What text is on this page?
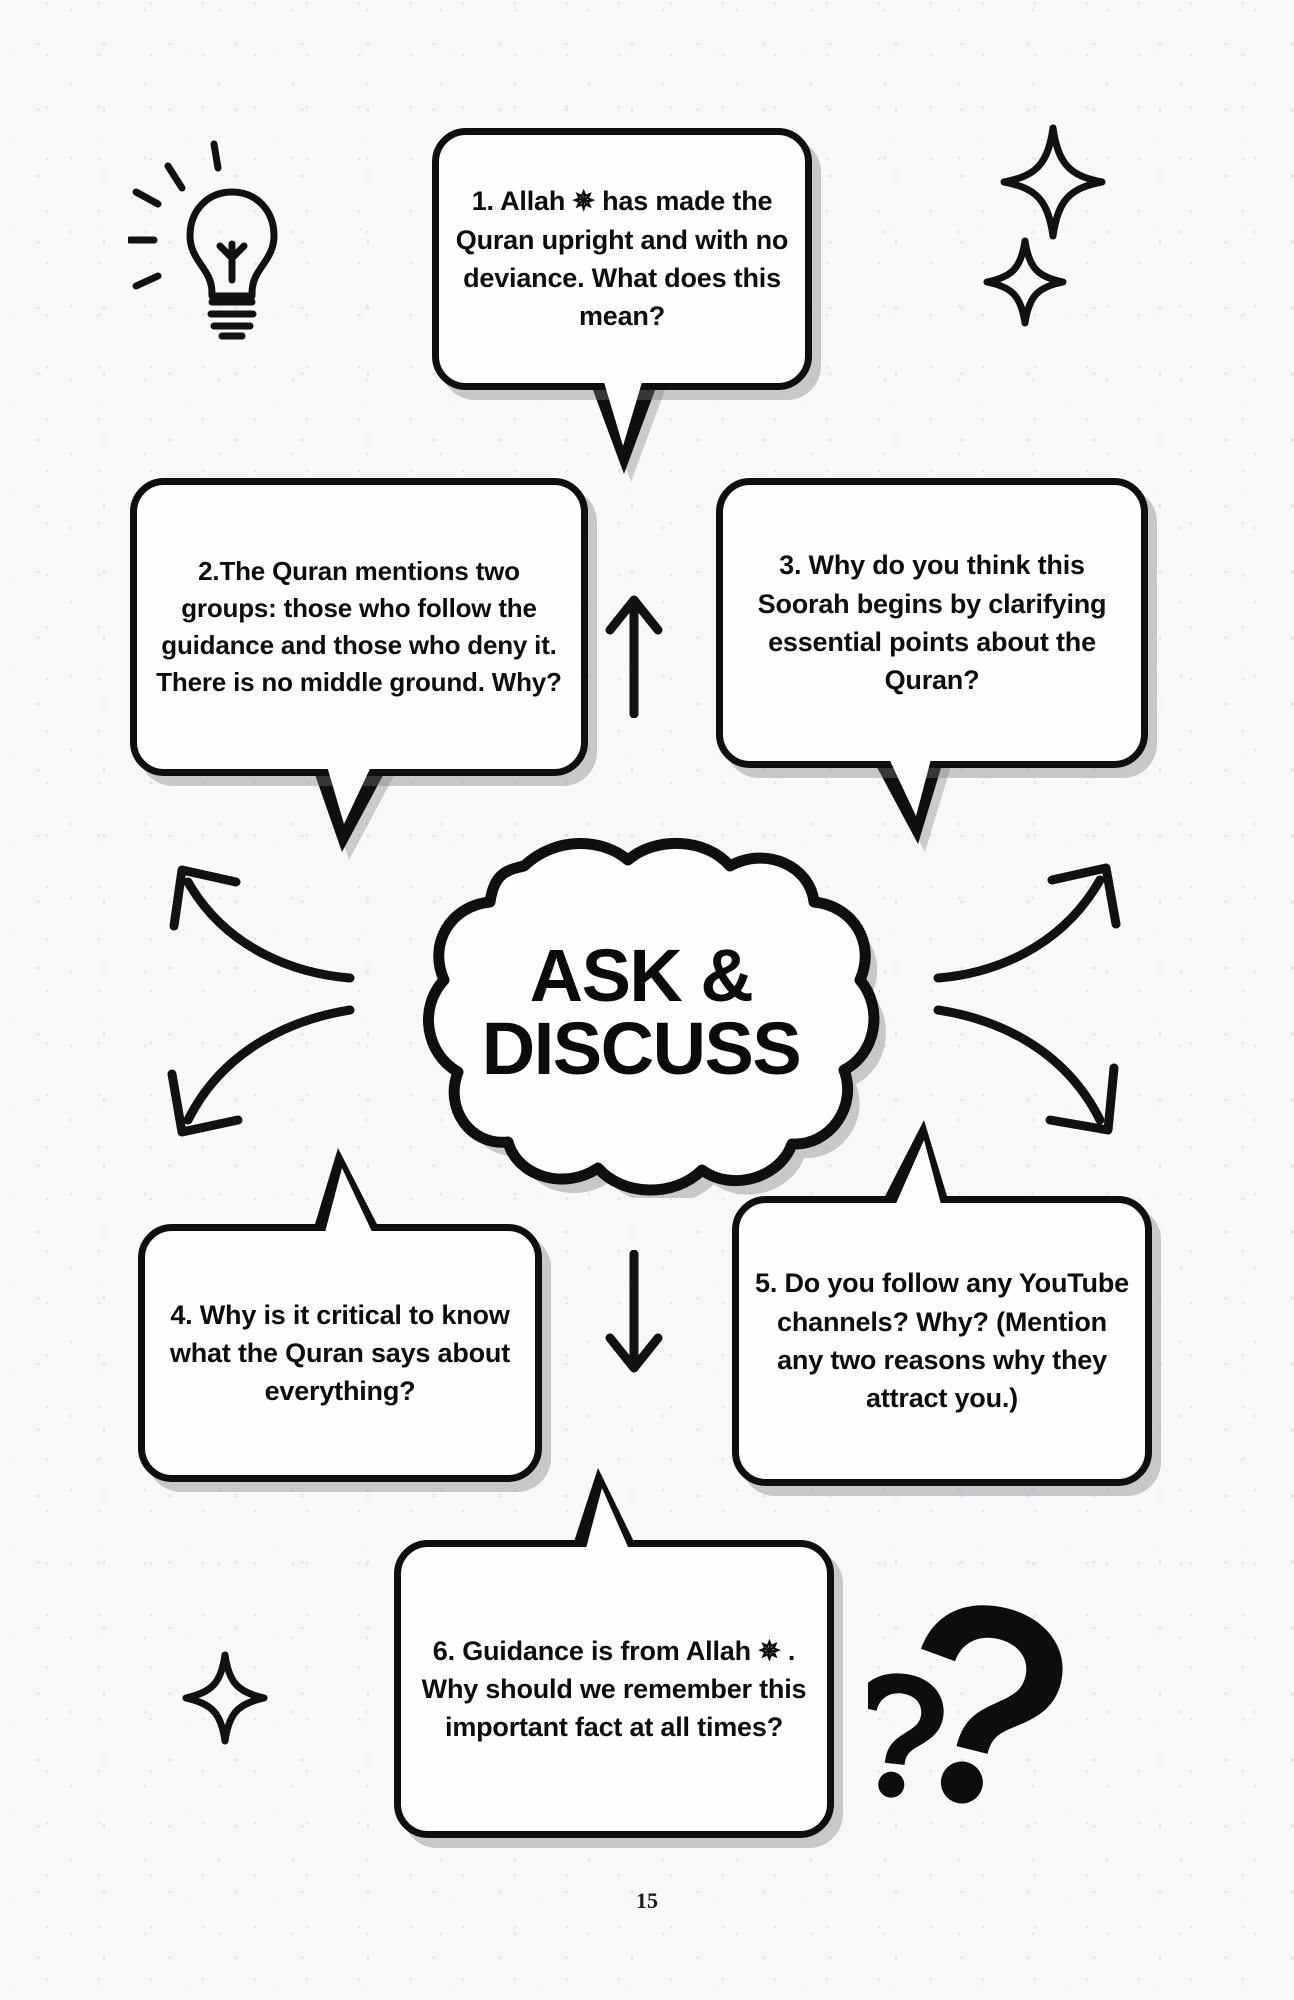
1. Allah ✵ has made the Quran upright and with no deviance. What does this mean?
2.The Quran mentions two groups: those who follow the guidance and those who deny it. There is no middle ground. Why?
3. Why do you think this Soorah begins by clarifying essential points about the Quran?
4. Why is it critical to know what the Quran says about everything?
5. Do you follow any YouTube channels? Why? (Mention any two reasons why they attract you.)
6. Guidance is from Allah ✵ . Why should we remember this important fact at all times?
ASK &
DISCUSS
15
